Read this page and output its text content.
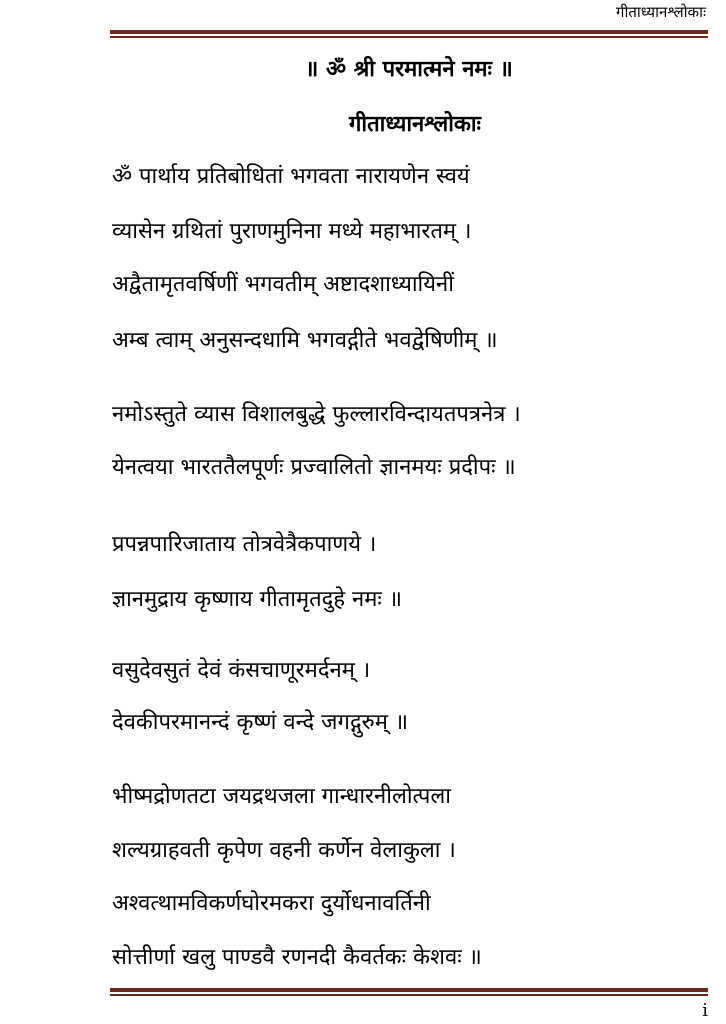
गीताध्यानश्लोकाः
॥ ॐ श्री परमात्मने नमः ॥
गीताध्यानश्लोकाः
ॐ पार्थाय प्रतिबोधितां भगवता नारायणेन स्वयं
व्यासेन ग्रथितां पुराणमुनिना मध्ये महाभारतम् ।
अद्वैतामृतवर्षिणीं भगवतीम् अष्टादशाध्यायिनीं
अम्ब त्वाम् अनुसन्दधामि भगवद्गीते भवद्वेषिणीम् ॥
नमोऽस्तुते व्यास विशालबुद्धे फुल्लारविन्दायतपत्रनेत्र ।
येनत्वया भारततैलपूर्णः प्रज्वालितो ज्ञानमयः प्रदीपः ॥
प्रपन्नपारिजाताय तोत्रवेत्रैकपाणये ।
ज्ञानमुद्राय कृष्णाय गीतामृतदुहे नमः ॥
वसुदेवसुतं देवं कंसचाणूरमर्दनम् ।
देवकीपरमानन्दं कृष्णं वन्दे जगद्गुरुम् ॥
भीष्मद्रोणतटा जयद्रथजला गान्धारनीलोत्पला
शल्यग्राहवती कृपेण वहनी कर्णेन वेलाकुला ।
अश्वत्थामविकर्णघोरमकरा दुर्योधनावर्तिनी
सोत्तीर्णा खलु पाण्डवै रणनदी कैवर्तकः केशवः ॥
i
